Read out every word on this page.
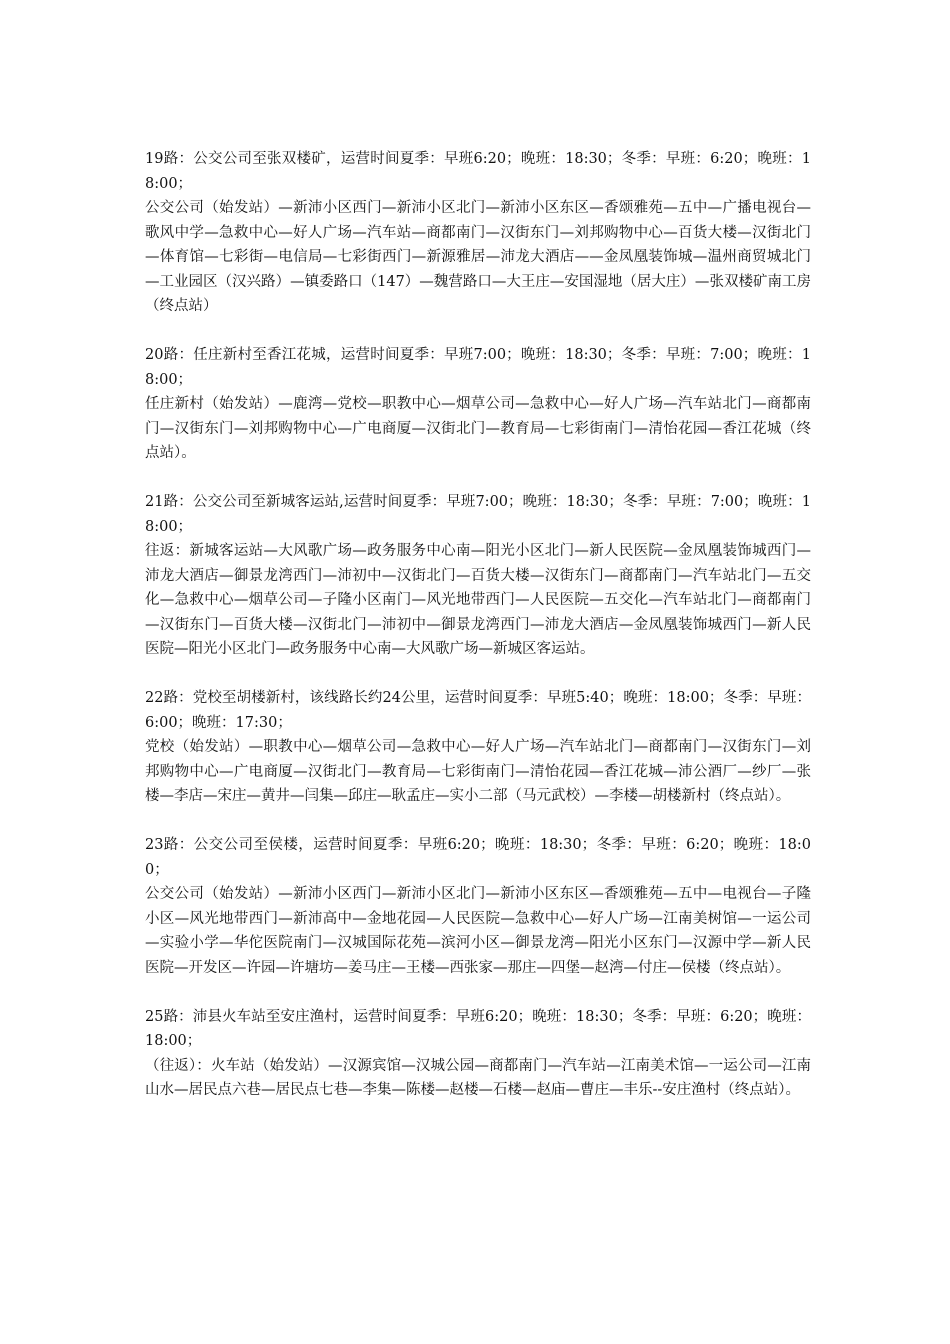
19路：公交公司至张双楼矿，运营时间夏季：早班6:20；晚班：18:30；冬季：早班：6:20；晚班：18:00；

公交公司（始发站）—新沛小区西门—新沛小区北门—新沛小区东区—香颂雅苑—五中—广播电视台—歌风中学—急救中心—好人广场—汽车站—商都南门—汉街东门—刘邦购物中心—百货大楼—汉街北门—体育馆—七彩街—电信局—七彩街西门—新源雅居—沛龙大酒店——金凤凰装饰城—温州商贸城北门—工业园区（汉兴路）—镇委路口（147）—魏营路口—大王庄—安国湿地（居大庄）—张双楼矿南工房（终点站）

20路：任庄新村至香江花城，运营时间夏季：早班7:00；晚班：18:30；冬季：早班：7:00；晚班：18:00；

任庄新村（始发站）—鹿湾—党校—职教中心—烟草公司—急救中心—好人广场—汽车站北门—商都南门—汉街东门—刘邦购物中心—广电商厦—汉街北门—教育局—七彩街南门—清怡花园—香江花城（终点站）。

21路：公交公司至新城客运站,运营时间夏季：早班7:00；晚班：18:30；冬季：早班：7:00；晚班：18:00；

往返：新城客运站—大风歌广场—政务服务中心南—阳光小区北门—新人民医院—金凤凰装饰城西门—沛龙大酒店—御景龙湾西门—沛初中—汉街北门—百货大楼—汉街东门—商都南门—汽车站北门—五交化—急救中心—烟草公司—子隆小区南门—风光地带西门—人民医院—五交化—汽车站北门—商都南门—汉街东门—百货大楼—汉街北门—沛初中—御景龙湾西门—沛龙大酒店—金凤凰装饰城西门—新人民医院—阳光小区北门—政务服务中心南—大风歌广场—新城区客运站。

22路：党校至胡楼新村，该线路长约24公里，运营时间夏季：早班5:40；晚班：18:00；冬季：早班：6:00；晚班：17:30；

党校（始发站）—职教中心—烟草公司—急救中心—好人广场—汽车站北门—商都南门—汉街东门—刘邦购物中心—广电商厦—汉街北门—教育局—七彩街南门—清怡花园—香江花城—沛公酒厂—纱厂—张楼—李店—宋庄—黄井—闫集—邱庄—耿孟庄—实小二部（马元武校）—李楼—胡楼新村（终点站）。

23路：公交公司至侯楼，运营时间夏季：早班6:20；晚班：18:30；冬季：早班：6:20；晚班：18:00；

公交公司（始发站）—新沛小区西门—新沛小区北门—新沛小区东区—香颂雅苑—五中—电视台—子隆小区—风光地带西门—新沛高中—金地花园—人民医院—急救中心—好人广场—江南美树馆—一运公司—实验小学—华佗医院南门—汉城国际花苑—滨河小区—御景龙湾—阳光小区东门—汉源中学—新人民医院—开发区—许园—许塘坊—姜马庄—王楼—西张家—那庄—四堡—赵湾—付庄—侯楼（终点站）。

25路：沛县火车站至安庄渔村，运营时间夏季：早班6:20；晚班：18:30；冬季：早班：6:20；晚班：18:00；

（往返）：火车站（始发站）—汉源宾馆—汉城公园—商都南门—汽车站—江南美术馆—一运公司—江南山水—居民点六巷—居民点七巷—李集—陈楼—赵楼—石楼—赵庙—曹庄—丰乐--安庄渔村（终点站）。
